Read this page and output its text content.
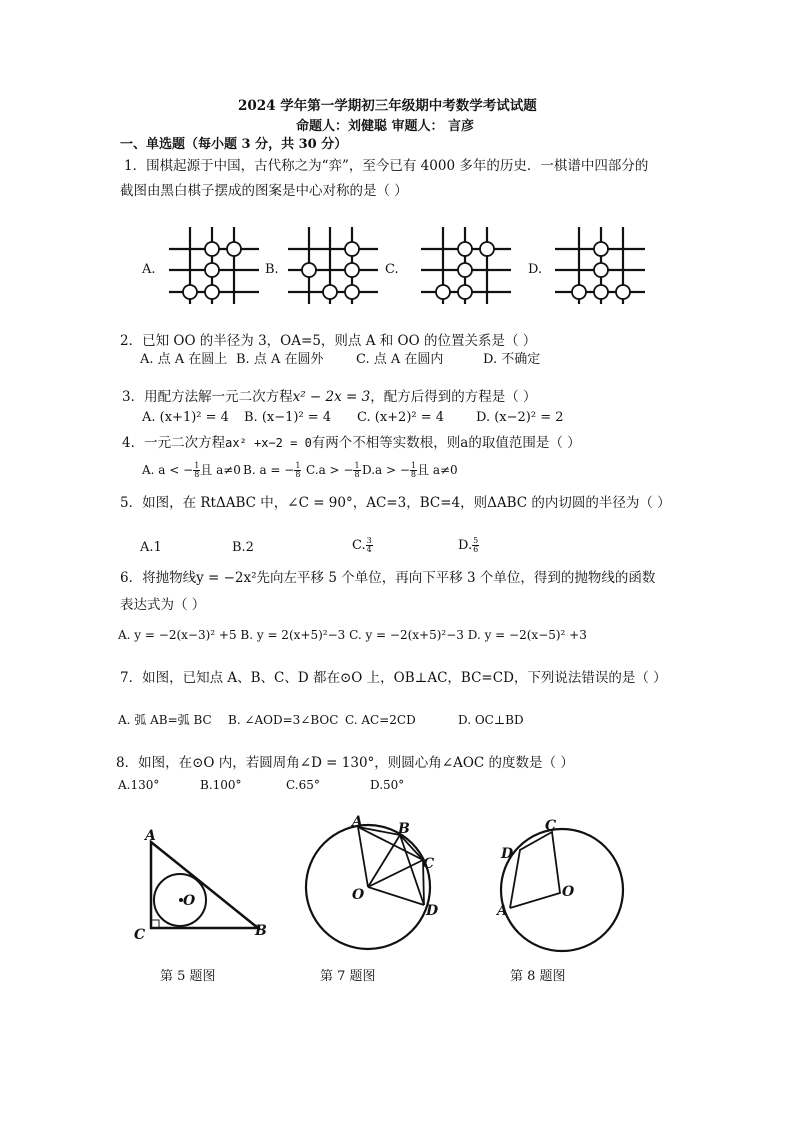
2024 学年第一学期初三年级期中考数学考试试题
命题人：刘健聪 审题人： 言彦
一、单选题（每小题 3 分，共 30 分）
1．围棋起源于中国，古代称之为“弈”，至今已有 4000 多年的历史．一棋谱中四部分的
截图由黑白棋子摆成的图案是中心对称的是（ ）
A.	B.	C.	D.
2．已知 OO 的半径为 3，OA=5，则点 A 和 OO 的位置关系是（ ）
A. 点 A 在圆上 B. 点 A 在圆外	C. 点 A 在圆内	D. 不确定
3．用配方法解一元二次方程x² − 2x = 3，配方后得到的方程是（ ）
A. (x+1)² = 4 B. (x−1)² = 4 C. (x+2)² = 4 D. (x−2)² = 2
4．一元二次方程ax² +x−2 = 0有两个不相等实数根，则a的取值范围是（ ）
A. a < − $\frac{1}{8}$ 且 a≠0 B. a = − $\frac{1}{8} C.a$ > − $\frac{1}{8} D.a$ > − $\frac{1}{8}$ 且 a≠0
5．如图，在 RtΔABC 中，∠C = 90°，AC=3，BC=4，则ΔABC 的内切圆的半径为（ ）
A.1	B.2	C. $\frac{3}{4}$	D. $\frac{5}{6}$
6．将抛物线y = −2x²先向左平移 5 个单位，再向下平移 3 个单位，得到的抛物线的函数
表达式为（ ）
A. y = −2(x−3)² +5 B. y = 2(x+5)²−3 C. y = −2(x+5)²−3 D. y = −2(x−5)² +3
7．如图，已知点 A、B、C、D 都在⊙O 上，OB⊥AC，BC=CD，下列说法错误的是（ ）
A. 弧 AB=弧 BC B. ∠AOD=3∠BOC C. AC=2CD	D. OC⊥BD
8．如图，在⊙O 内，若圆周角∠D = 130°，则圆心角∠AOC 的度数是（ ）
A.130°	B.100°	C.65°	D.50°
A
O
C	B
第 5 题图
A	B
C
O
D
第 7 题图
C
D
O
A
第 8 题图
